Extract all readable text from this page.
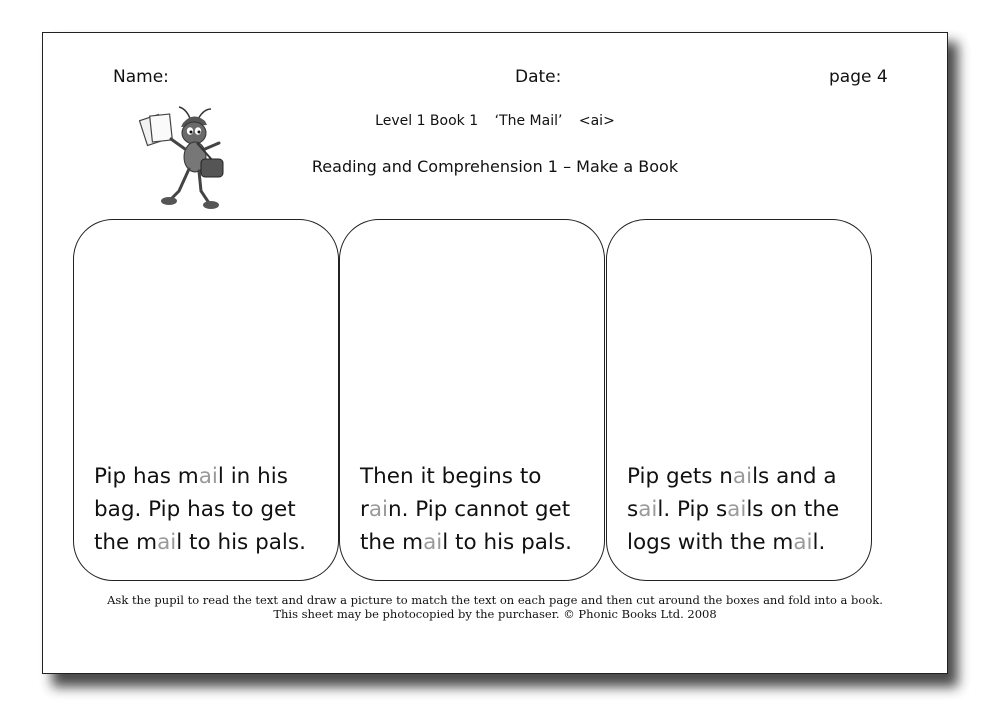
Name:	Date:	page 4
Level 1 Book 1 ‘The Mail’ <ai>
Reading and Comprehension 1 – Make a Book
Pip has mail in his
bag. Pip has to get
the mail to his pals.
Then it begins to
rain. Pip cannot get
the mail to his pals.
Pip gets nails and a
sail. Pip sails on the
logs with the mail.
Ask the pupil to read the text and draw a picture to match the text on each page and then cut around the boxes and fold into a book.
This sheet may be photocopied by the purchaser. © Phonic Books Ltd. 2008
